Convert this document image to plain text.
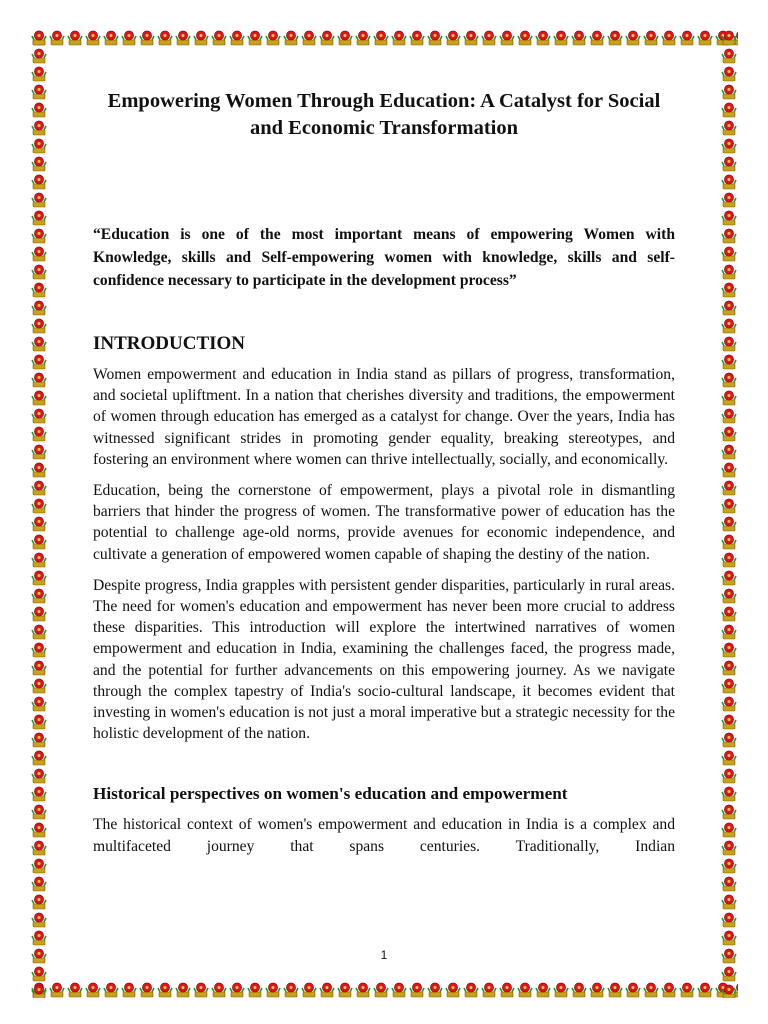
Empowering Women Through Education: A Catalyst for Social and Economic Transformation
“Education is one of the most important means of empowering Women with Knowledge, skills and Self-empowering women with knowledge, skills and self-confidence necessary to participate in the development process”
INTRODUCTION

Women empowerment and education in India stand as pillars of progress, transformation, and societal upliftment. In a nation that cherishes diversity and traditions, the empowerment of women through education has emerged as a catalyst for change. Over the years, India has witnessed significant strides in promoting gender equality, breaking stereotypes, and fostering an environment where women can thrive intellectually, socially, and economically.

Education, being the cornerstone of empowerment, plays a pivotal role in dismantling barriers that hinder the progress of women. The transformative power of education has the potential to challenge age-old norms, provide avenues for economic independence, and cultivate a generation of empowered women capable of shaping the destiny of the nation.

Despite progress, India grapples with persistent gender disparities, particularly in rural areas. The need for women's education and empowerment has never been more crucial to address these disparities. This introduction will explore the intertwined narratives of women empowerment and education in India, examining the challenges faced, the progress made, and the potential for further advancements on this empowering journey. As we navigate through the complex tapestry of India's socio-cultural landscape, it becomes evident that investing in women's education is not just a moral imperative but a strategic necessity for the holistic development of the nation.

Historical perspectives on women's education and empowerment

The historical context of women's empowerment and education in India is a complex and multifaceted journey that spans centuries. Traditionally, Indian

1
